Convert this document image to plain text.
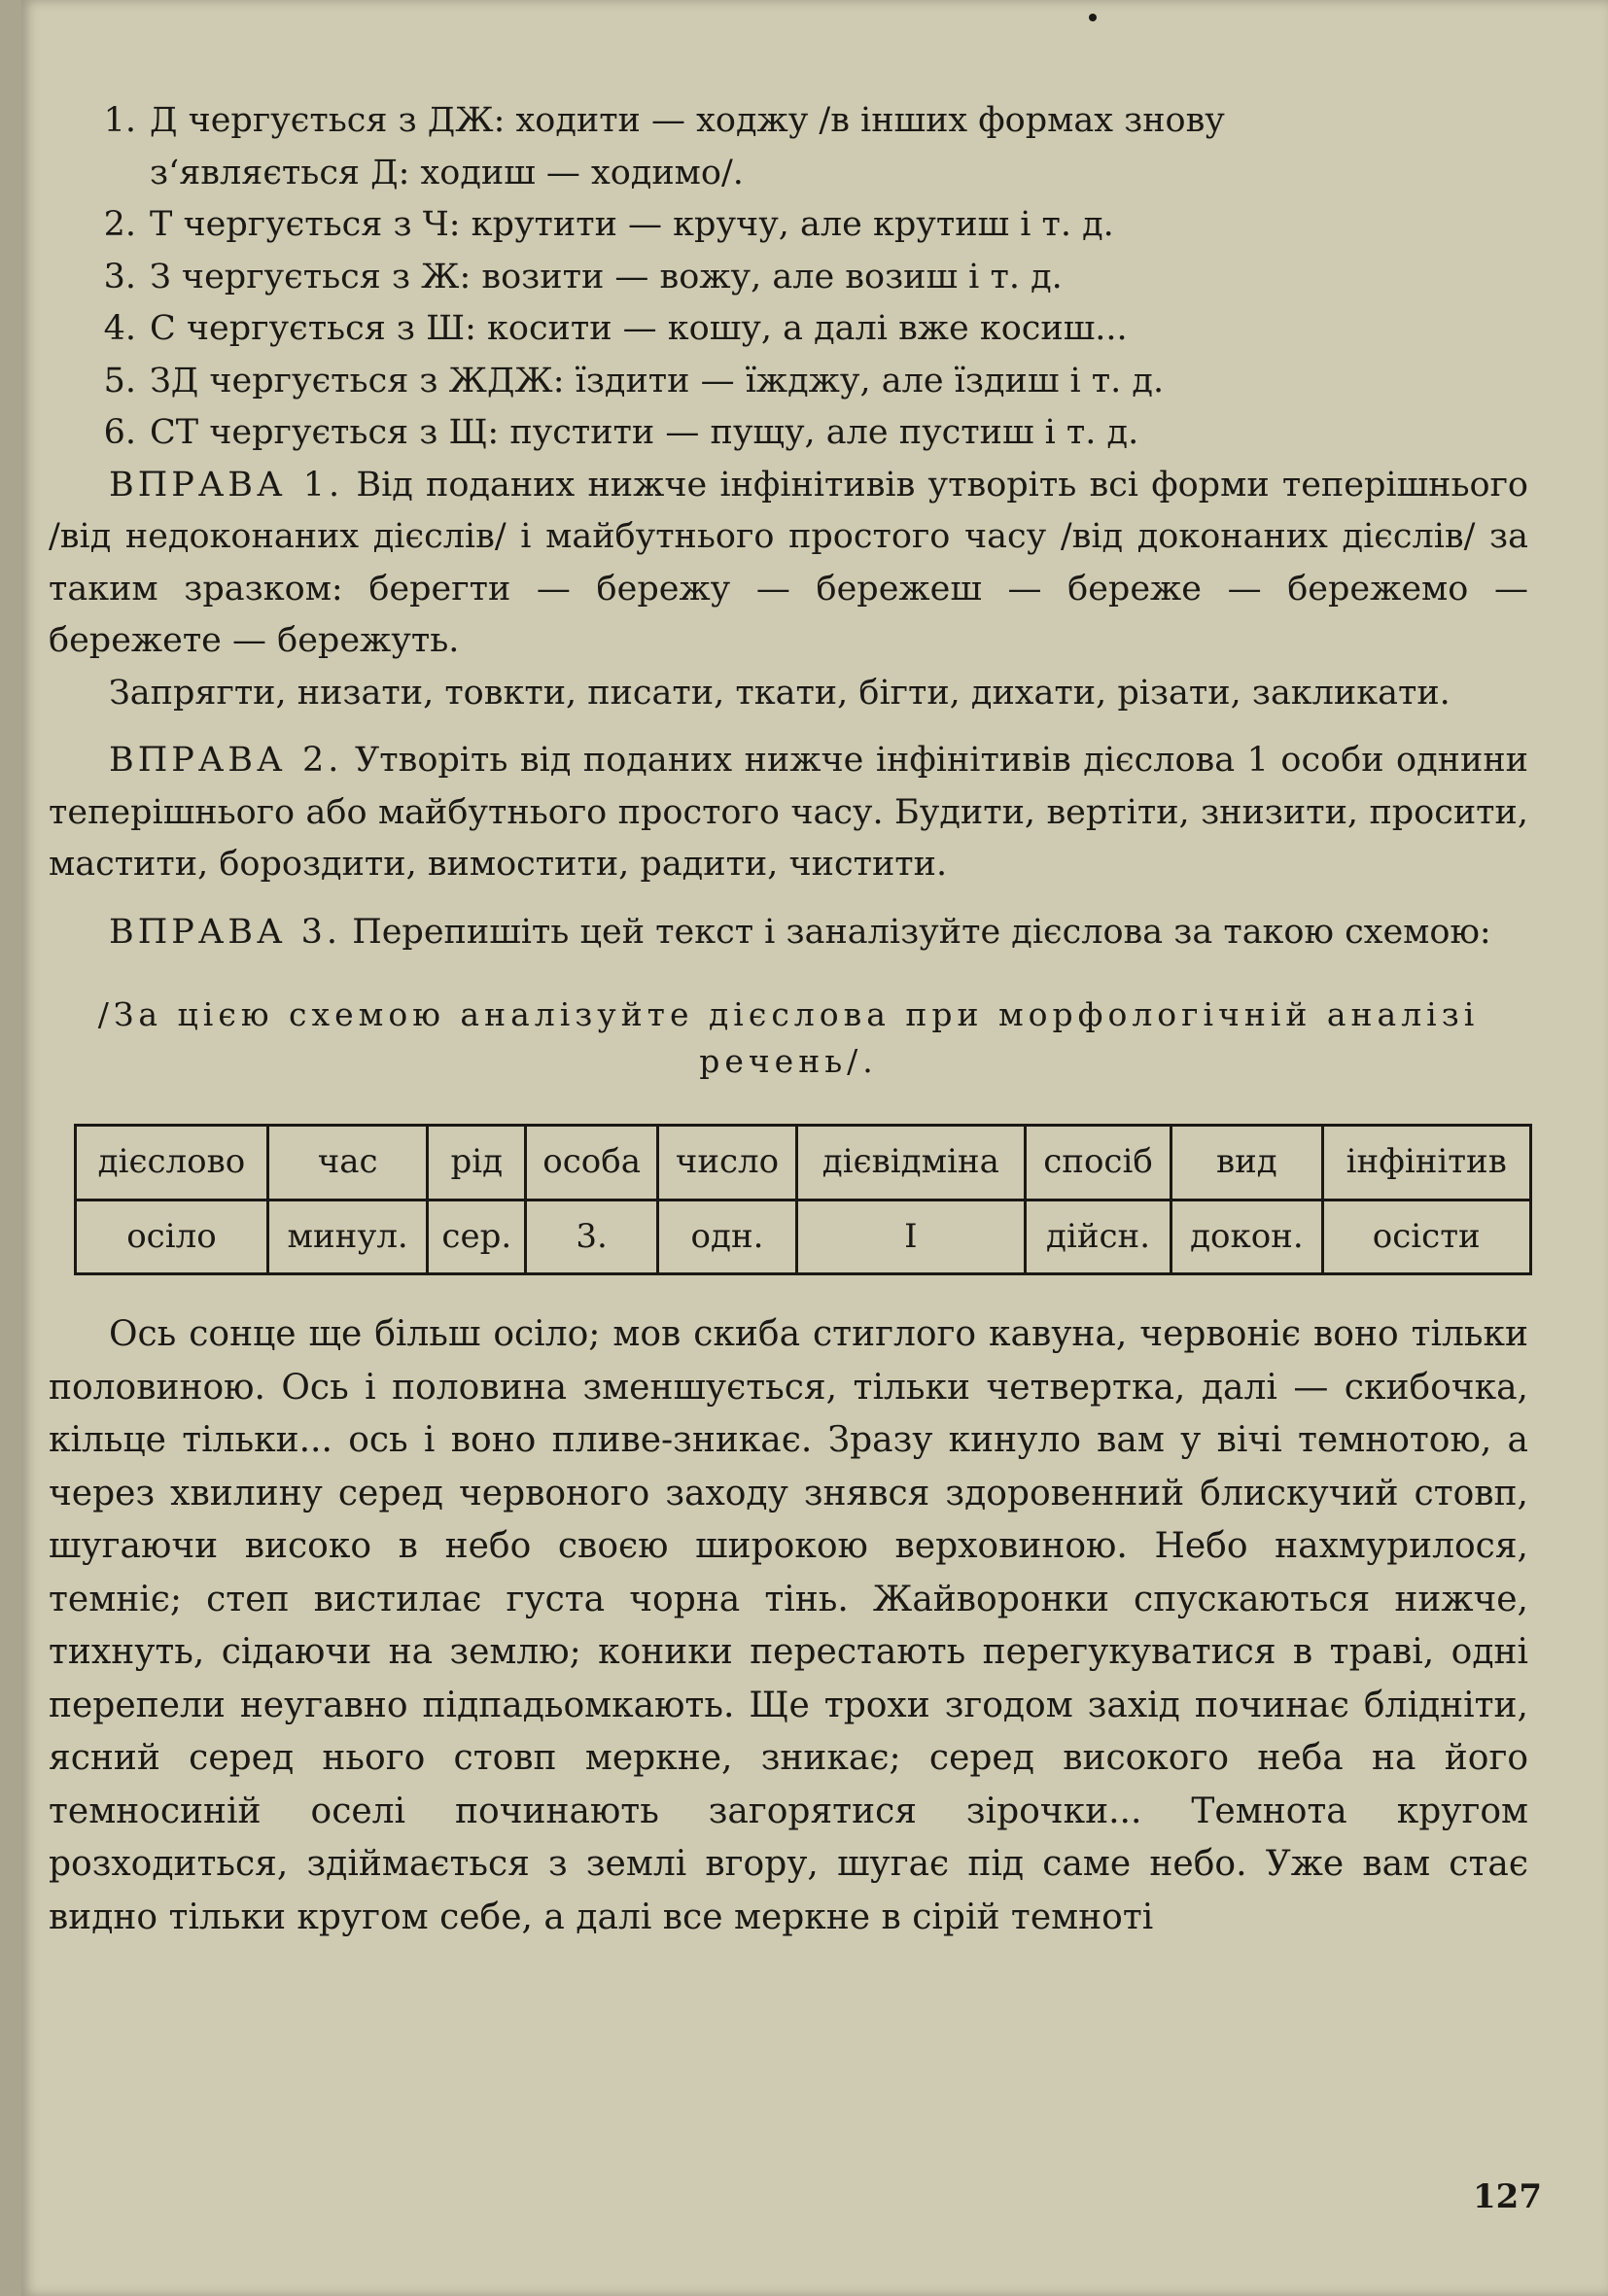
1. Д чергується з ДЖ: ходити — ходжу /в інших формах знову
з‘являється Д: ходиш — ходимо/.
2. Т чергується з Ч: крутити — кручу, але крутиш і т. д.
3. З чергується з Ж: возити — вожу, але возиш і т. д.
4. С чергується з Ш: косити — кошу, а далі вже косиш...
5. ЗД чергується з ЖДЖ: їздити — їжджу, але їздиш і т. д.
6. СТ чергується з Щ: пустити — пущу, але пустиш і т. д.

ВПРАВА 1. Від поданих нижче інфінітивів утворіть всі форми теперішнього /від недоконаних дієслів/ і майбутнього простого часу /від доконаних дієслів/ за таким зразком: берегти — бережу — бережеш — береже — бережемо — бережете — бережуть.

Запрягти, низати, товкти, писати, ткати, бігти, дихати, різати, закликати.

ВПРАВА 2. Утворіть від поданих нижче інфінітивів дієслова 1 особи однини теперішнього або майбутнього простого часу. Будити, вертіти, знизити, просити, мастити, бороздити, вимостити, радити, чистити.

ВПРАВА 3. Перепишіть цей текст і заналізуйте дієслова за такою схемою:

/За цією схемою аналізуйте дієслова при морфологічній аналізі речень/.
дієслово	час	рід	особа	число	дієвідміна	спосіб	вид	інфінітив
осіло	минул.	сер.	3.	одн.	I	дійсн.	докон.	осісти

Ось сонце ще більш осіло; мов скиба стиглого кавуна, червоніє воно тільки половиною. Ось і половина зменшується, тільки четвертка, далі — скибочка, кільце тільки... ось і воно пливе-зникає. Зразу кинуло вам у вічі темнотою, а через хвилину серед червоного заходу знявся здоровенний блискучий стовп, шугаючи високо в небо своєю широкою верховиною. Небо нахмурилося, темніє; степ вистилає густа чорна тінь. Жайворонки спускаються нижче, тихнуть, сідаючи на землю; коники перестають перегукуватися в траві, одні перепели неугавно підпадьомкають. Ще трохи згодом захід починає блідніти, ясний серед нього стовп меркне, зникає; серед високого неба на його темносиній оселі починають загорятися зірочки... Темнота кругом розходиться, здіймається з землі вгору, шугає під саме небо. Уже вам стає видно тільки кругом себе, а далі все меркне в сірій темноті

127
